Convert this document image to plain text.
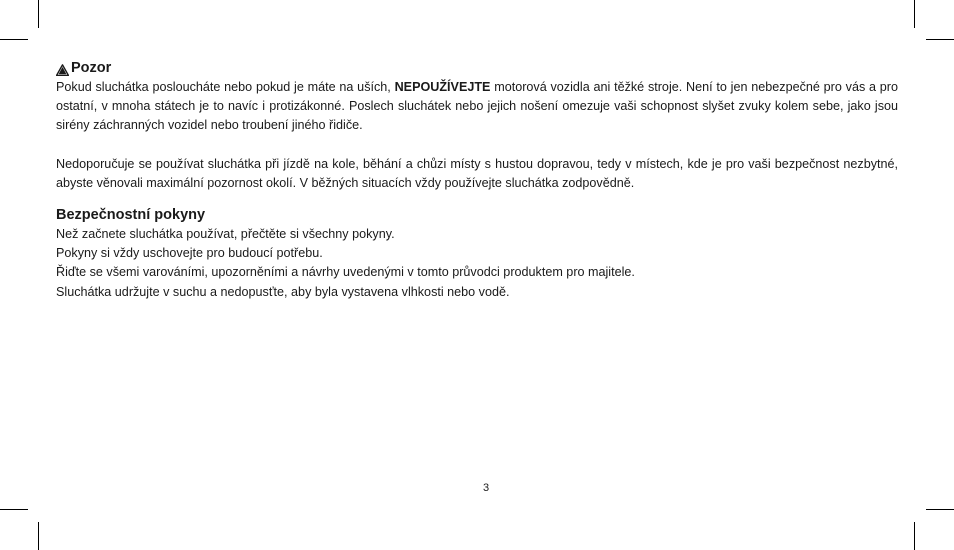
Pozor

Pokud sluchátka posloucháte nebo pokud je máte na uších, NEPOUŽÍVEJTE motorová vozidla ani těžké stroje. Není to jen nebezpečné pro vás a pro ostatní, v mnoha státech je to navíc i protizákonné. Poslech sluchátek nebo jejich nošení omezuje vaši schopnost slyšet zvuky kolem sebe, jako jsou sirény záchranných vozidel nebo troubení jiného řidiče.

Nedoporučuje se používat sluchátka při jízdě na kole, běhání a chůzi místy s hustou dopravou, tedy v místech, kde je pro vaši bezpečnost nezbytné, abyste věnovali maximální pozornost okolí. V běžných situacích vždy používejte sluchátka zodpovědně.

Bezpečnostní pokyny

Než začnete sluchátka používat, přečtěte si všechny pokyny.

Pokyny si vždy uschovejte pro budoucí potřebu.

Řiďte se všemi varováními, upozorněními a návrhy uvedenými v tomto průvodci produktem pro majitele.

Sluchátka udržujte v suchu a nedopusťte, aby byla vystavena vlhkosti nebo vodě.

3
